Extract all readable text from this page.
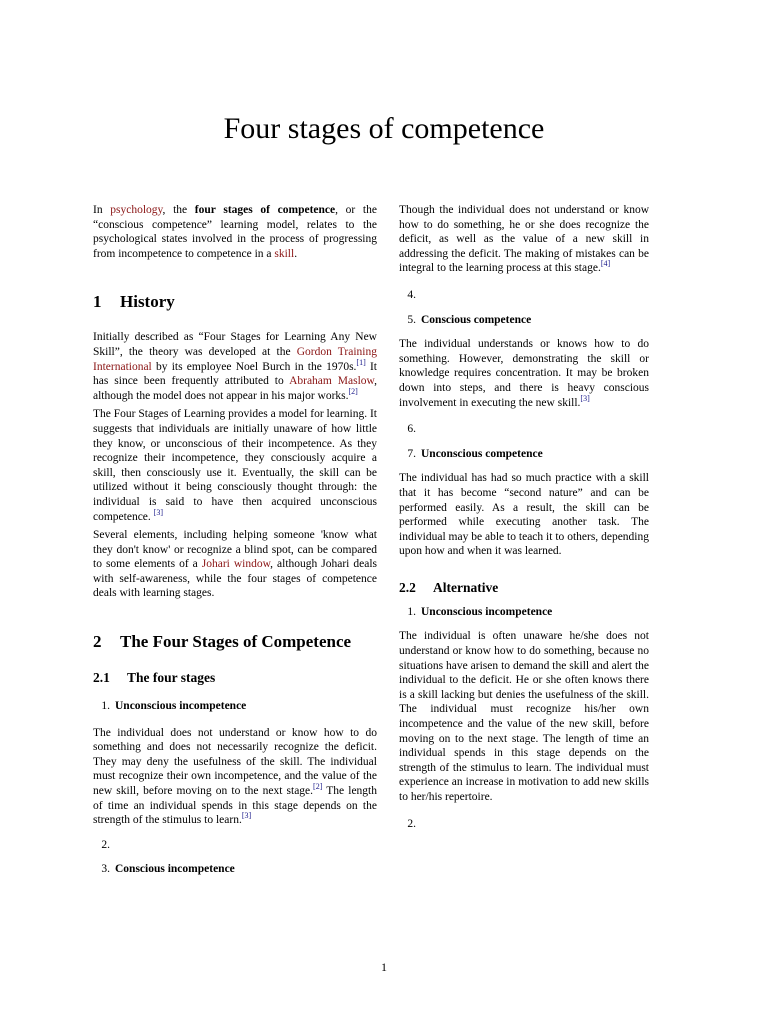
Four stages of competence

In psychology, the four stages of competence, or the “conscious competence” learning model, relates to the psychological states involved in the process of progressing from incompetence to competence in a skill.

1 History

Initially described as “Four Stages for Learning Any New Skill”, the theory was developed at the Gordon Training International by its employee Noel Burch in the 1970s.[1] It has since been frequently attributed to Abraham Maslow, although the model does not appear in his major works.[2]

The Four Stages of Learning provides a model for learning. It suggests that individuals are initially unaware of how little they know, or unconscious of their incompetence. As they recognize their incompetence, they consciously acquire a skill, then consciously use it. Eventually, the skill can be utilized without it being consciously thought through: the individual is said to have then acquired unconscious competence. [3]

Several elements, including helping someone 'know what they don't know' or recognize a blind spot, can be compared to some elements of a Johari window, although Johari deals with self-awareness, while the four stages of competence deals with learning stages.

2 The Four Stages of Competence
2.1 The four stages
1. Unconscious incompetence

The individual does not understand or know how to do something and does not necessarily recognize the deficit. They may deny the usefulness of the skill. The individual must recognize their own incompetence, and the value of the new skill, before moving on to the next stage.[2] The length of time an individual spends in this stage depends on the strength of the stimulus to learn.[3]

2.
3. Conscious incompetence

Though the individual does not understand or know how to do something, he or she does recognize the deficit, as well as the value of a new skill in addressing the deficit. The making of mistakes can be integral to the learning process at this stage.[4]

4.
5. Conscious competence

The individual understands or knows how to do something. However, demonstrating the skill or knowledge requires concentration. It may be broken down into steps, and there is heavy conscious involvement in executing the new skill.[3]

6.
7. Unconscious competence

The individual has had so much practice with a skill that it has become “second nature” and can be performed easily. As a result, the skill can be performed while executing another task. The individual may be able to teach it to others, depending upon how and when it was learned.

2.2 Alternative
1. Unconscious incompetence

The individual is often unaware he/she does not understand or know how to do something, because no situations have arisen to demand the skill and alert the individual to the deficit. He or she often knows there is a skill lacking but denies the usefulness of the skill. The individual must recognize his/her own incompetence and the value of the new skill, before moving on to the next stage. The length of time an individual spends in this stage depends on the strength of the stimulus to learn. The individual must experience an increase in motivation to add new skills to her/his repertoire.

2.
1
